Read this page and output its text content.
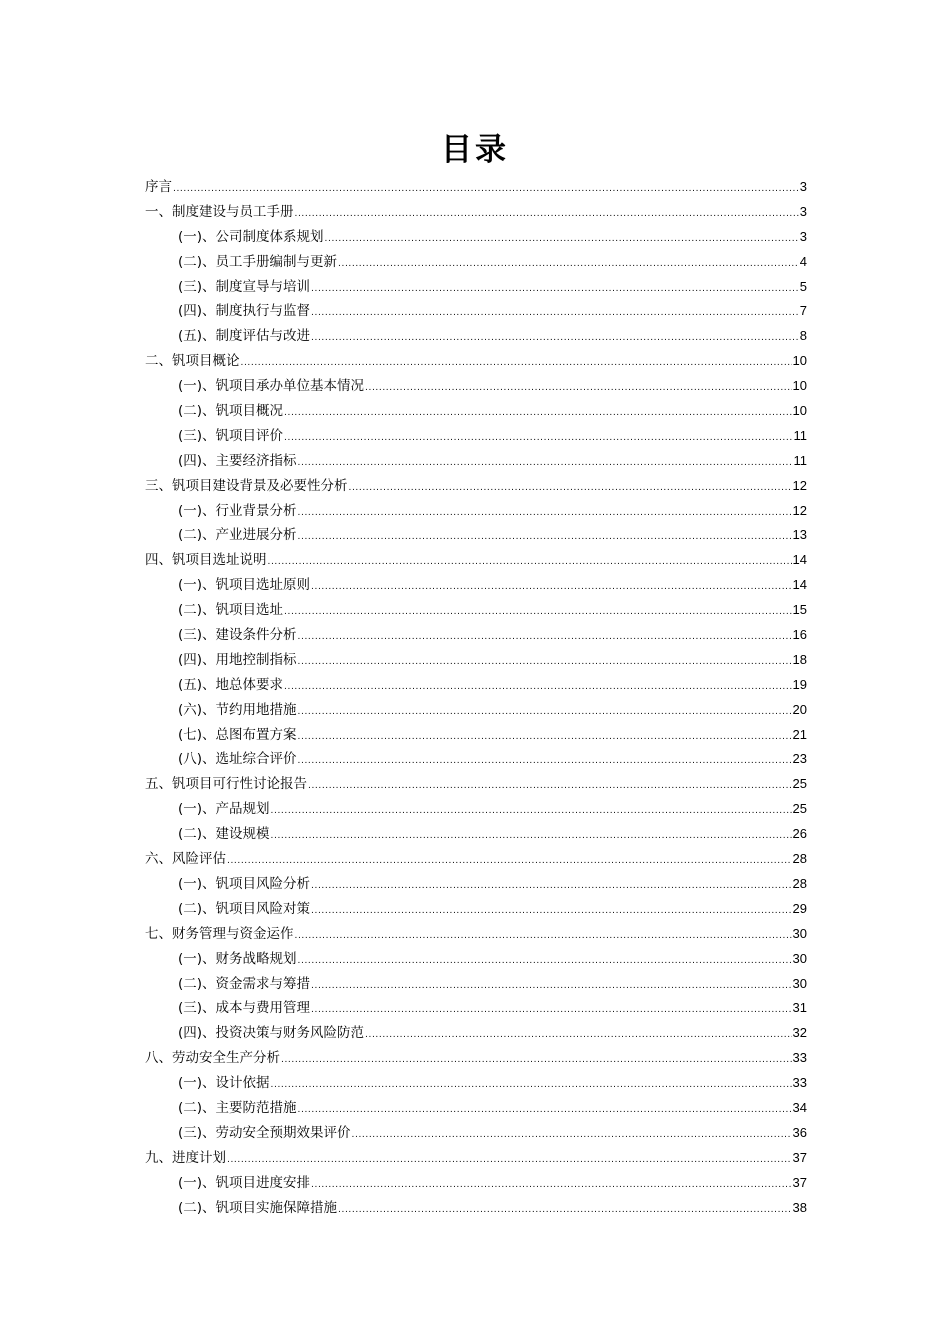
目录
序言 .....	3
一、制度建设与员工手册 .....	3
(一)、公司制度体系规划 .....	3
(二)、员工手册编制与更新 .....	4
(三)、制度宣导与培训 .....	5
(四)、制度执行与监督 .....	7
(五)、制度评估与改进 .....	8
二、钒项目概论 .....	10
(一)、钒项目承办单位基本情况 .....	10
(二)、钒项目概况 .....	10
(三)、钒项目评价 .....	11
(四)、主要经济指标 .....	11
三、钒项目建设背景及必要性分析 .....	12
(一)、行业背景分析 .....	12
(二)、产业进展分析 .....	13
四、钒项目选址说明 .....	14
(一)、钒项目选址原则 .....	14
(二)、钒项目选址 .....	15
(三)、建设条件分析 .....	16
(四)、用地控制指标 .....	18
(五)、地总体要求 .....	19
(六)、节约用地措施 .....	20
(七)、总图布置方案 .....	21
(八)、选址综合评价 .....	23
五、钒项目可行性讨论报告 .....	25
(一)、产品规划 .....	25
(二)、建设规模 .....	26
六、风险评估 .....	28
(一)、钒项目风险分析 .....	28
(二)、钒项目风险对策 .....	29
七、财务管理与资金运作 .....	30
(一)、财务战略规划 .....	30
(二)、资金需求与筹措 .....	30
(三)、成本与费用管理 .....	31
(四)、投资决策与财务风险防范 .....	32
八、劳动安全生产分析 .....	33
(一)、设计依据 .....	33
(二)、主要防范措施 .....	34
(三)、劳动安全预期效果评价 .....	36
九、进度计划 .....	37
(一)、钒项目进度安排 .....	37
(二)、钒项目实施保障措施 .....	38
